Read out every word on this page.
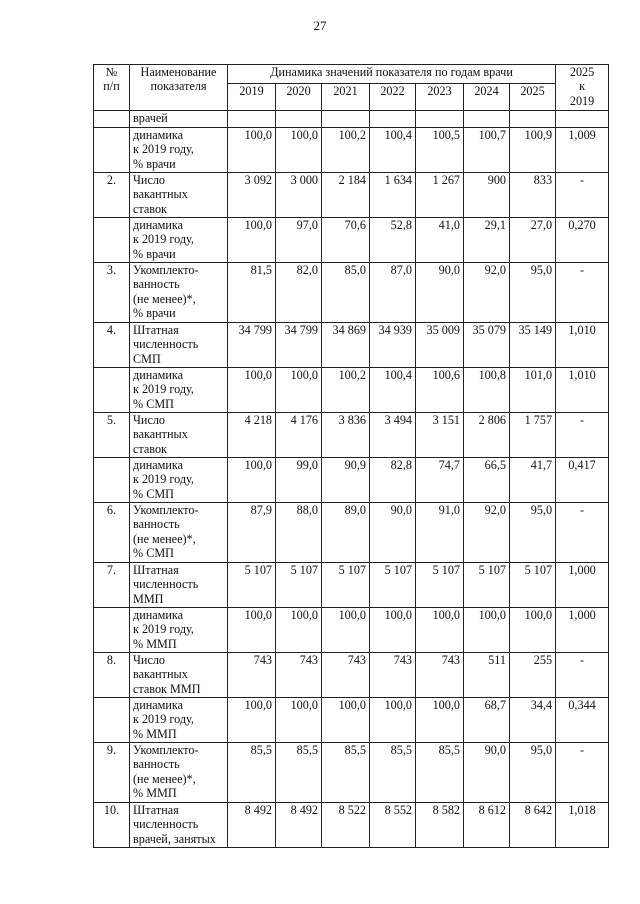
27
№
п/п	Наименование
показателя	Динамика значений показателя по годам врачи							2025
к
2019

		2019	2020	2021	2022	2023	2024	2025	

	врачей								

	динамика
к 2019 году,
% врачи	100,0	100,0	100,2	100,4	100,5	100,7	100,9	1,009
2.	Число
вакантных
ставок	3 092	3 000	2 184	1 634	1 267	900	833	-

	динамика
к 2019 году,
% врачи	100,0	97,0	70,6	52,8	41,0	29,1	27,0	0,270
3.	Укомплекто-
ванность
(не менее)*,
% врачи	81,5	82,0	85,0	87,0	90,0	92,0	95,0	-
4.	Штатная
численность
СМП	34 799	34 799	34 869	34 939	35 009	35 079	35 149	1,010

	динамика
к 2019 году,
% СМП	100,0	100,0	100,2	100,4	100,6	100,8	101,0	1,010
5.	Число
вакантных
ставок	4 218	4 176	3 836	3 494	3 151	2 806	1 757	-

	динамика
к 2019 году,
% СМП	100,0	99,0	90,9	82,8	74,7	66,5	41,7	0,417
6.	Укомплекто-
ванность
(не менее)*,
% СМП	87,9	88,0	89,0	90,0	91,0	92,0	95,0	-
7.	Штатная
численность
ММП	5 107	5 107	5 107	5 107	5 107	5 107	5 107	1,000

	динамика
к 2019 году,
% ММП	100,0	100,0	100,0	100,0	100,0	100,0	100,0	1,000
8.	Число
вакантных
ставок ММП	743	743	743	743	743	511	255	-

	динамика
к 2019 году,
% ММП	100,0	100,0	100,0	100,0	100,0	68,7	34,4	0,344
9.	Укомплекто-
ванность
(не менее)*,
% ММП	85,5	85,5	85,5	85,5	85,5	90,0	95,0	-
10.	Штатная
численность
врачей, занятых	8 492	8 492	8 522	8 552	8 582	8 612	8 642	1,018
